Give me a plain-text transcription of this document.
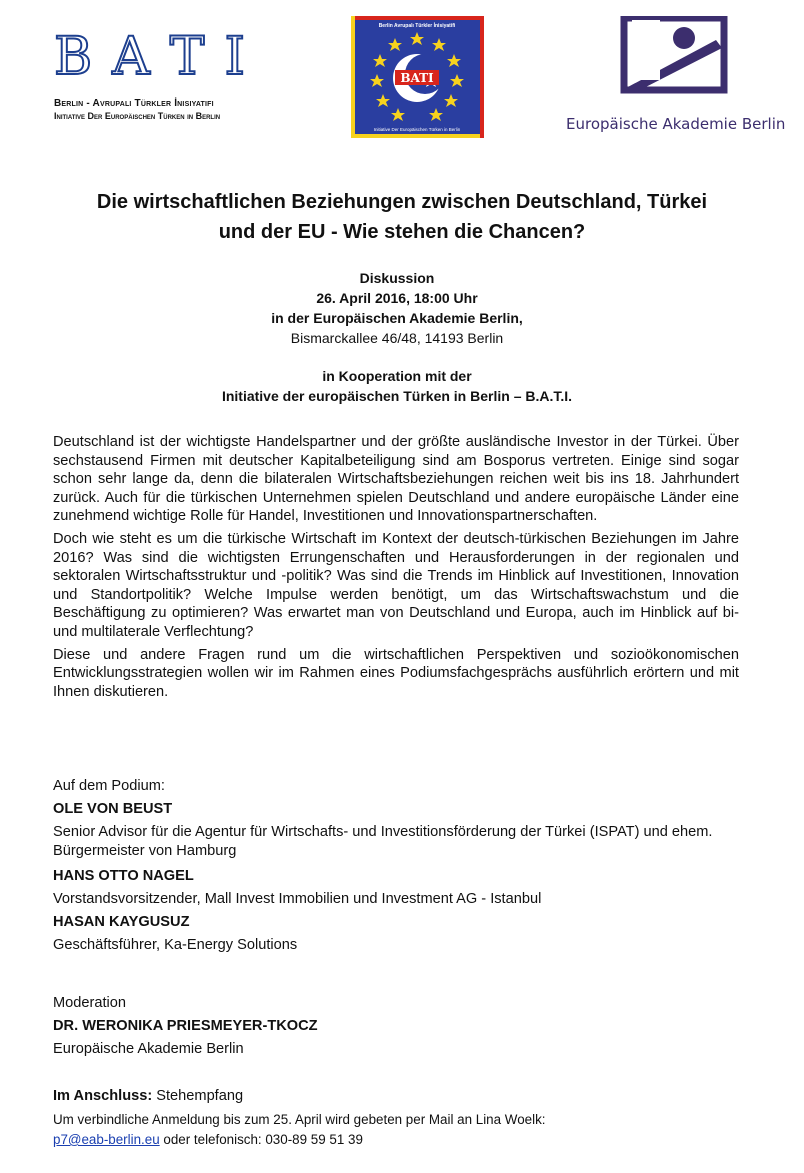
B A T I
Berlin - Avrupalı Türkler İnisiyatifi
Initiative Der Europäischen Türken in Berlin
Berlin Avrupalı Türkler İnisiyatifi
Initiative Der Europäischen Türken in Berlin
BATI
Europäische Akademie Berlin
Die wirtschaftlichen Beziehungen zwischen Deutschland, Türkei
und der EU - Wie stehen die Chancen?
Diskussion
26. April 2016, 18:00 Uhr
in der Europäischen Akademie Berlin,
Bismarckallee 46/48, 14193 Berlin
in Kooperation mit der
Initiative der europäischen Türken in Berlin – B.A.T.I.

Deutschland ist der wichtigste Handelspartner und der größte ausländische Investor in der Türkei. Über sechstausend Firmen mit deutscher Kapitalbeteiligung sind am Bosporus vertreten. Einige sind sogar schon sehr lange da, denn die bilateralen Wirtschaftsbeziehungen reichen weit bis ins 18. Jahrhundert zurück. Auch für die türkischen Unternehmen spielen Deutschland und andere europäische Länder eine zunehmend wichtige Rolle für Handel, Investitionen und Innovationspartnerschaften.

Doch wie steht es um die türkische Wirtschaft im Kontext der deutsch-türkischen Beziehungen im Jahre 2016? Was sind die wichtigsten Errungenschaften und Herausforderungen in der regionalen und sektoralen Wirtschaftsstruktur und -politik? Was sind die Trends im Hinblick auf Investitionen, Innovation und Standortpolitik? Welche Impulse werden benötigt, um das Wirtschaftswachstum und die Beschäftigung zu optimieren? Was erwartet man von Deutschland und Europa, auch im Hinblick auf bi- und multilaterale Verflechtung?

Diese und andere Fragen rund um die wirtschaftlichen Perspektiven und sozioökonomischen Entwicklungsstrategien wollen wir im Rahmen eines Podiumsfachgesprächs ausführlich erörtern und mit Ihnen diskutieren.

Auf dem Podium:
OLE VON BEUST
Senior Advisor für die Agentur für Wirtschafts- und Investitionsförderung der Türkei (ISPAT) und ehem. Bürgermeister von Hamburg
HANS OTTO NAGEL
Vorstandsvorsitzender, Mall Invest Immobilien und Investment AG - Istanbul
HASAN KAYGUSUZ
Geschäftsführer, Ka-Energy Solutions
Moderation
DR. WERONIKA PRIESMEYER-TKOCZ
Europäische Akademie Berlin
Im Anschluss: Stehempfang
Um verbindliche Anmeldung bis zum 25. April wird gebeten per Mail an Lina Woelk:
p7@eab-berlin.eu oder telefonisch: 030-89 59 51 39
